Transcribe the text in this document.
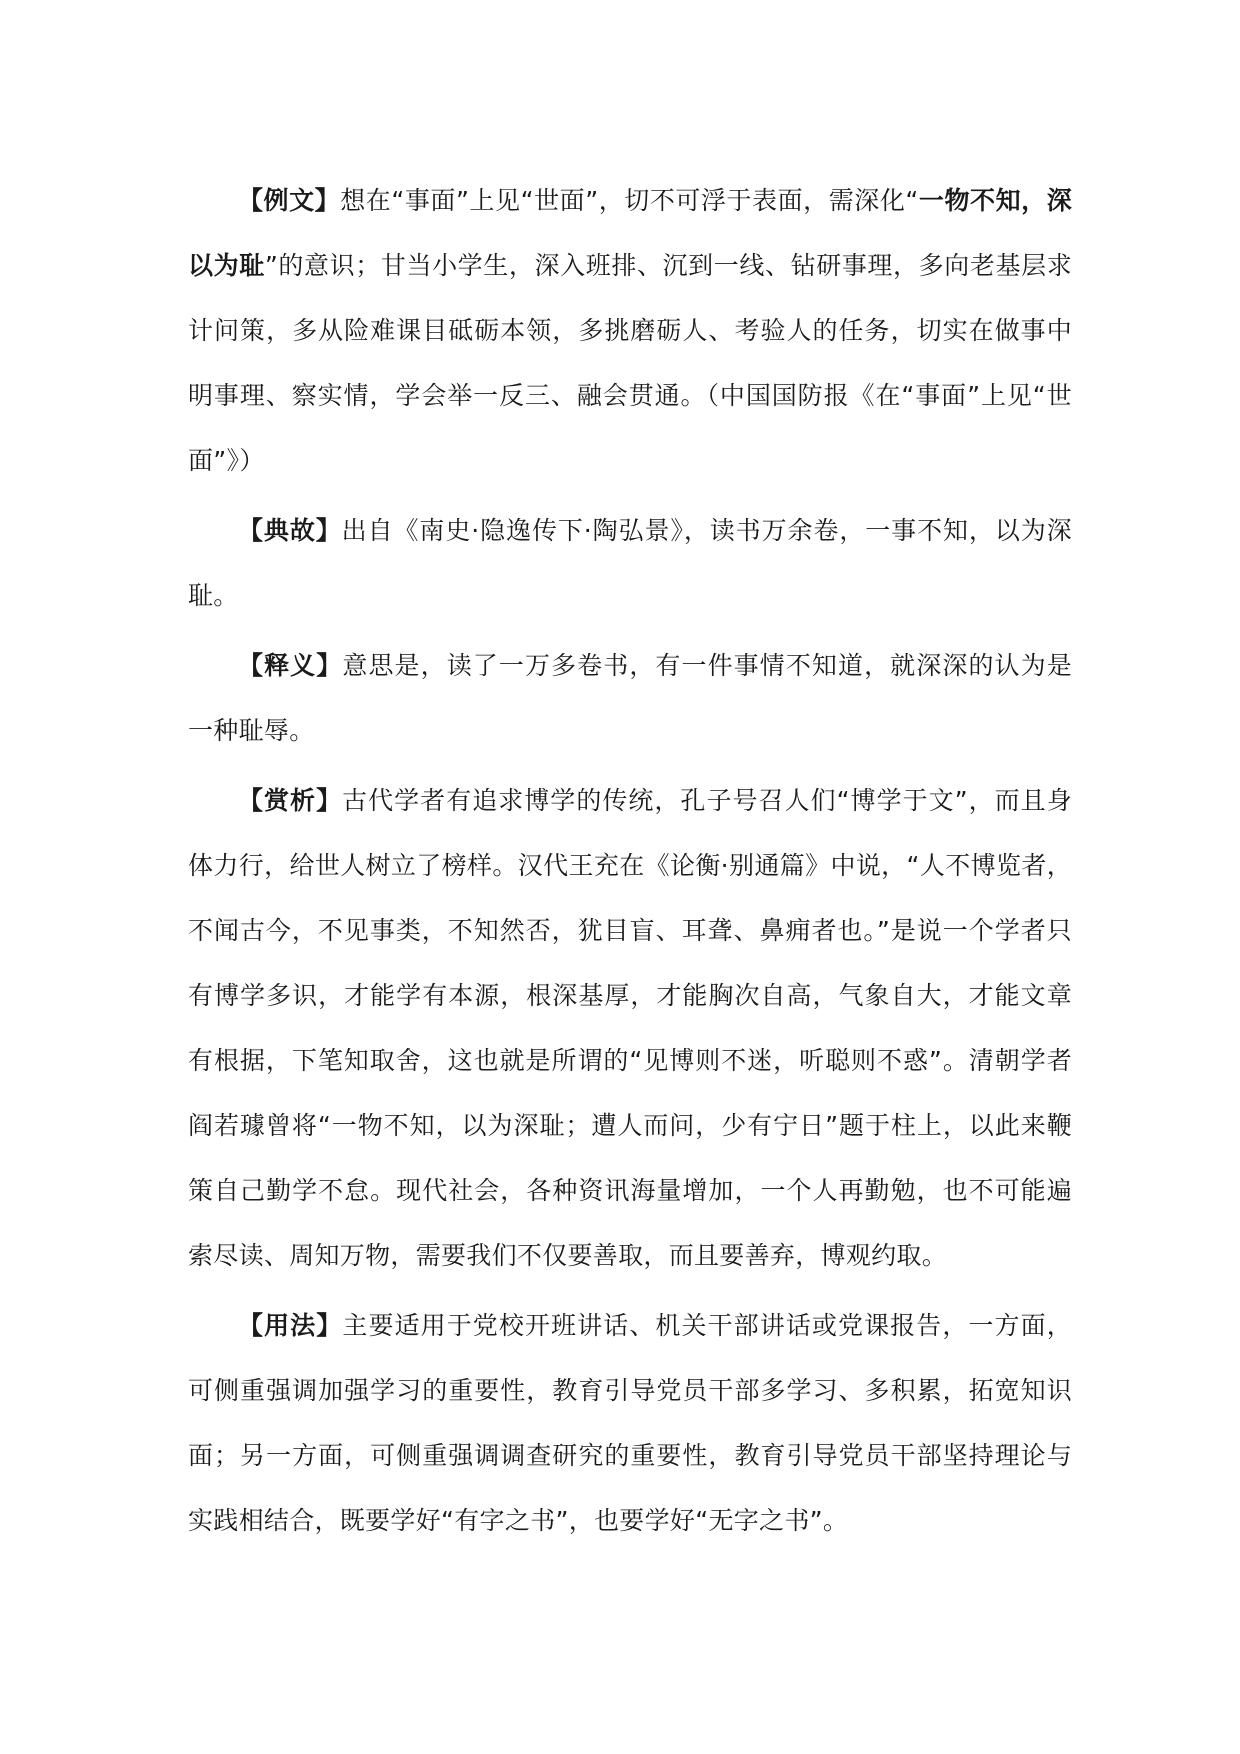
【例文】想在“事面”上见“世面”，切不可浮于表面，需深化“一物不知，深以为耻”的意识；甘当小学生，深入班排、沉到一线、钻研事理，多向老基层求计问策，多从险难课目砥砺本领，多挑磨砺人、考验人的任务，切实在做事中明事理、察实情，学会举一反三、融会贯通。（中国国防报《在“事面”上见“世面”》）

【典故】出自《南史·隐逸传下·陶弘景》，读书万余卷，一事不知，以为深耻。

【释义】意思是，读了一万多卷书，有一件事情不知道，就深深的认为是一种耻辱。

【赏析】古代学者有追求博学的传统，孔子号召人们“博学于文”，而且身体力行，给世人树立了榜样。汉代王充在《论衡·别通篇》中说，“人不博览者，不闻古今，不见事类，不知然否，犹目盲、耳聋、鼻痈者也。”是说一个学者只有博学多识，才能学有本源，根深基厚，才能胸次自高，气象自大，才能文章有根据，下笔知取舍，这也就是所谓的“见博则不迷，听聪则不惑”。清朝学者阎若璩曾将“一物不知，以为深耻；遭人而问，少有宁日”题于柱上，以此来鞭策自己勤学不怠。现代社会，各种资讯海量增加，一个人再勤勉，也不可能遍索尽读、周知万物，需要我们不仅要善取，而且要善弃，博观约取。

【用法】主要适用于党校开班讲话、机关干部讲话或党课报告，一方面，可侧重强调加强学习的重要性，教育引导党员干部多学习、多积累，拓宽知识面；另一方面，可侧重强调调查研究的重要性，教育引导党员干部坚持理论与实践相结合，既要学好“有字之书”，也要学好“无字之书”。
